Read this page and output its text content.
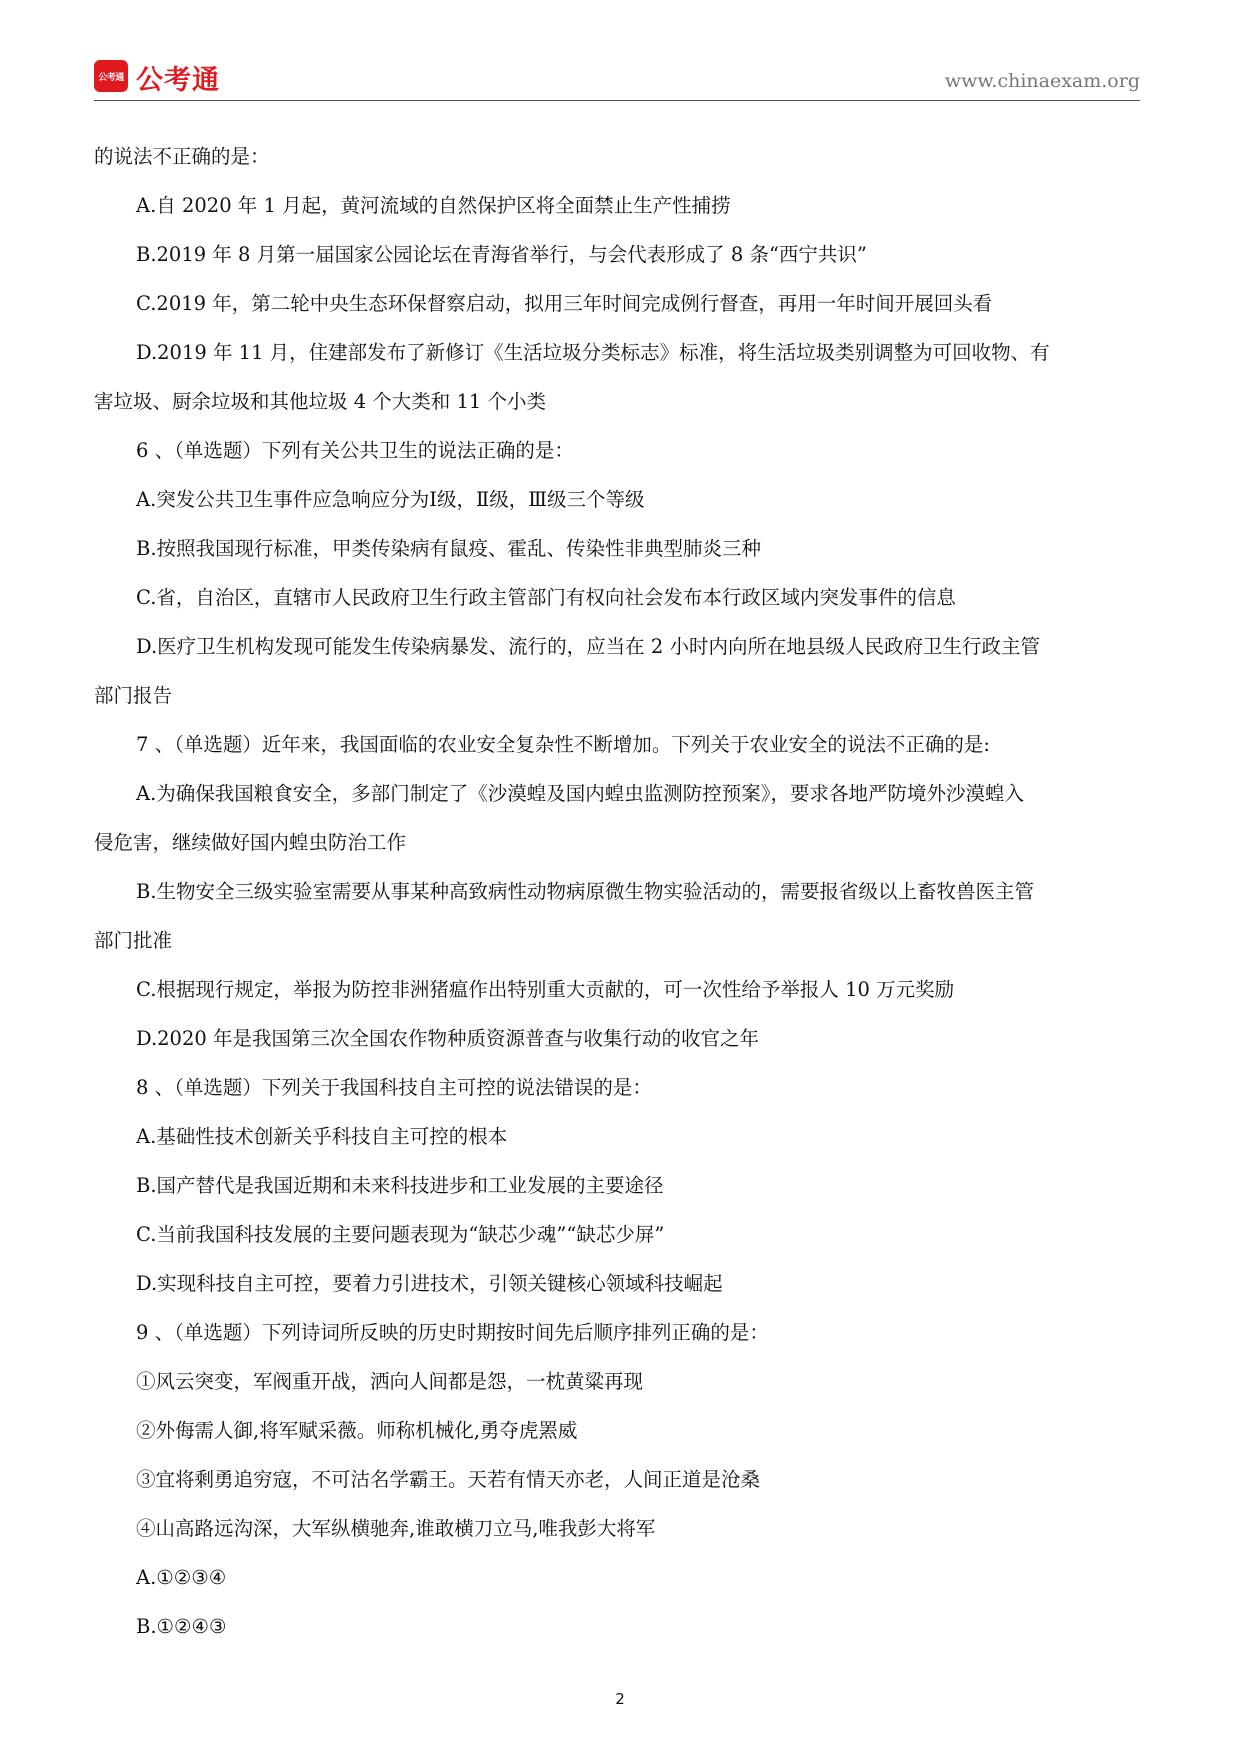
公考通 公考通	www.chinaexam.org
的说法不正确的是：
A.自 2020 年 1 月起，黄河流域的自然保护区将全面禁止生产性捕捞
B.2019 年 8 月第一届国家公园论坛在青海省举行，与会代表形成了 8 条“西宁共识”
C.2019 年，第二轮中央生态环保督察启动，拟用三年时间完成例行督查，再用一年时间开展回头看
D.2019 年 11 月，住建部发布了新修订《生活垃圾分类标志》标准，将生活垃圾类别调整为可回收物、有
害垃圾、厨余垃圾和其他垃圾 4 个大类和 11 个小类
6 、（单选题）下列有关公共卫生的说法正确的是：
A.突发公共卫生事件应急响应分为Ⅰ级，Ⅱ级，Ⅲ级三个等级
B.按照我国现行标准，甲类传染病有鼠疫、霍乱、传染性非典型肺炎三种
C.省，自治区，直辖市人民政府卫生行政主管部门有权向社会发布本行政区域内突发事件的信息
D.医疗卫生机构发现可能发生传染病暴发、流行的，应当在 2 小时内向所在地县级人民政府卫生行政主管
部门报告
7 、（单选题）近年来，我国面临的农业安全复杂性不断增加。下列关于农业安全的说法不正确的是:
A.为确保我国粮食安全，多部门制定了《沙漠蝗及国内蝗虫监测防控预案》，要求各地严防境外沙漠蝗入
侵危害，继续做好国内蝗虫防治工作
B.生物安全三级实验室需要从事某种高致病性动物病原微生物实验活动的，需要报省级以上畜牧兽医主管
部门批准
C.根据现行规定，举报为防控非洲猪瘟作出特别重大贡献的，可一次性给予举报人 10 万元奖励
D.2020 年是我国第三次全国农作物种质资源普查与收集行动的收官之年
8 、（单选题）下列关于我国科技自主可控的说法错误的是：
A.基础性技术创新关乎科技自主可控的根本
B.国产替代是我国近期和未来科技进步和工业发展的主要途径
C.当前我国科技发展的主要问题表现为“缺芯少魂”“缺芯少屏”
D.实现科技自主可控，要着力引进技术，引领关键核心领域科技崛起
9 、（单选题）下列诗词所反映的历史时期按时间先后顺序排列正确的是：
①风云突变，军阀重开战，洒向人间都是怨，一枕黄粱再现
②外侮需人御,将军赋采薇。师称机械化,勇夺虎罴威
③宜将剩勇追穷寇，不可沽名学霸王。天若有情天亦老，人间正道是沧桑
④山高路远沟深，大军纵横驰奔,谁敢横刀立马,唯我彭大将军
A.①②③④
B.①②④③
2
